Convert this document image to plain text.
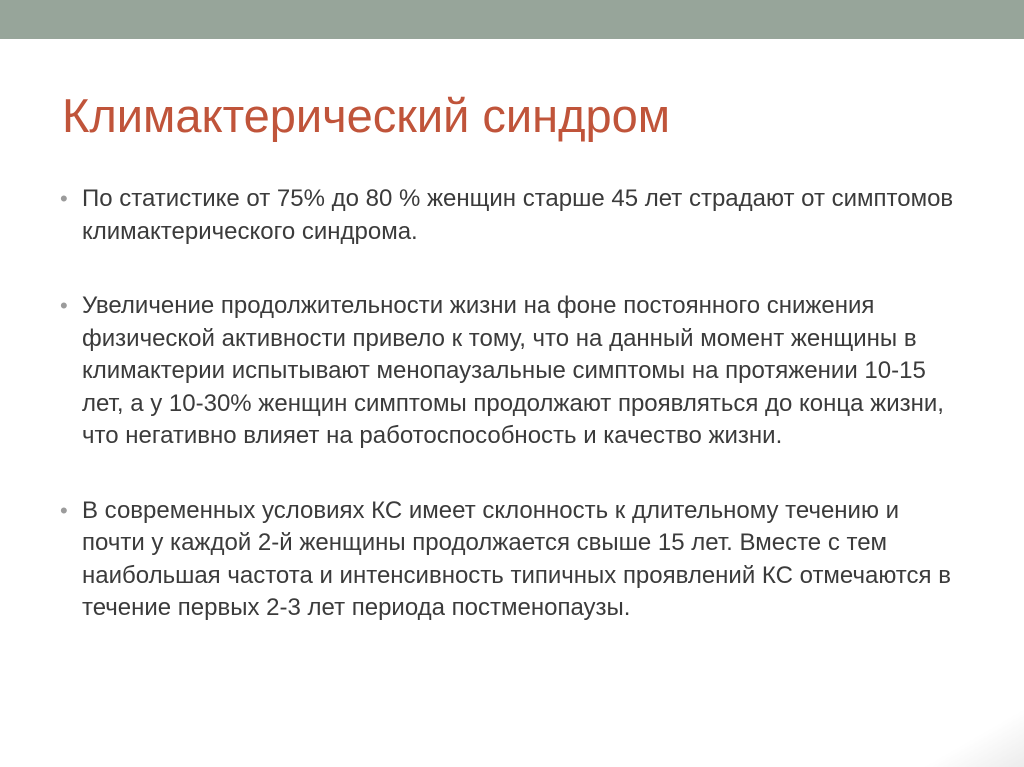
Климактерический синдром
• По статистике от 75% до 80 % женщин старше 45 лет страдают от симптомов климактерического синдрома.
• Увеличение продолжительности жизни на фоне постоянного снижения физической активности привело к тому, что на данный момент женщины в климактерии испытывают менопаузальные симптомы на протяжении 10-15 лет, а у 10-30% женщин симптомы продолжают проявляться до конца жизни, что негативно влияет на работоспособность и качество жизни.
• В современных условиях КС имеет склонность к длительному течению и почти у каждой 2-й женщины продолжается свыше 15 лет. Вместе с тем наибольшая частота и интенсивность типичных проявлений КС отмечаются в течение первых 2-3 лет периода постменопаузы.
